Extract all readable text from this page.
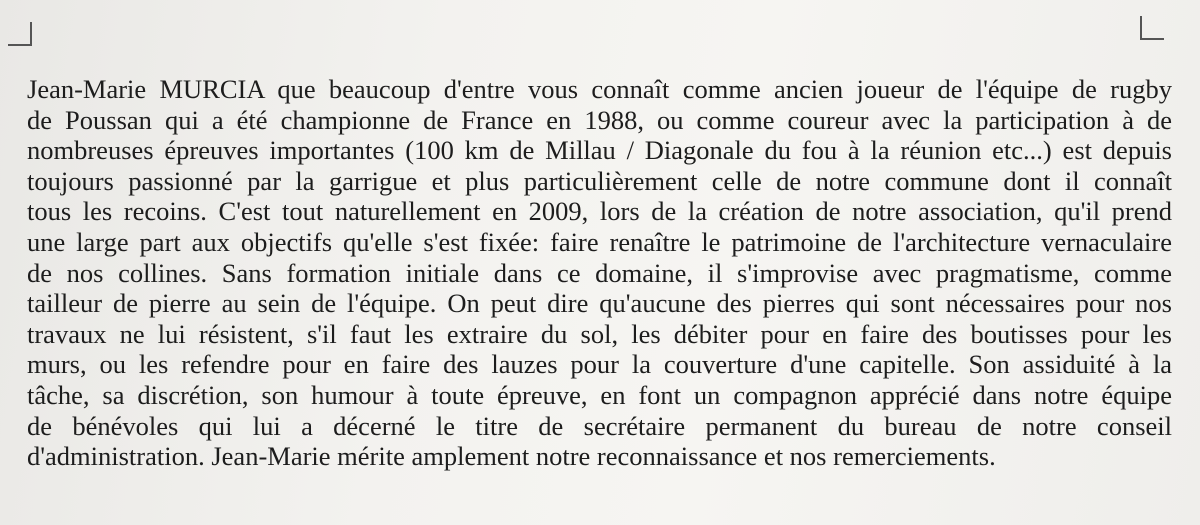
Jean-Marie MURCIA que beaucoup d'entre vous connaît comme ancien joueur de l'équipe de rugby
de Poussan qui a été championne de France en 1988, ou comme coureur avec la participation à de
nombreuses épreuves importantes (100 km de Millau / Diagonale du fou à la réunion etc...) est depuis
toujours passionné par la garrigue et plus particulièrement celle de notre commune dont il connaît
tous les recoins. C'est tout naturellement en 2009, lors de la création de notre association, qu'il prend
une large part aux objectifs qu'elle s'est fixée: faire renaître le patrimoine de l'architecture vernaculaire
de nos collines. Sans formation initiale dans ce domaine, il s'improvise avec pragmatisme, comme
tailleur de pierre au sein de l'équipe. On peut dire qu'aucune des pierres qui sont nécessaires pour nos
travaux ne lui résistent, s'il faut les extraire du sol, les débiter pour en faire des boutisses pour les
murs, ou les refendre pour en faire des lauzes pour la couverture d'une capitelle. Son assiduité à la
tâche, sa discrétion, son humour à toute épreuve, en font un compagnon apprécié dans notre équipe
de bénévoles qui lui a décerné le titre de secrétaire permanent du bureau de notre conseil
d'administration. Jean-Marie mérite amplement notre reconnaissance et nos remerciements.
